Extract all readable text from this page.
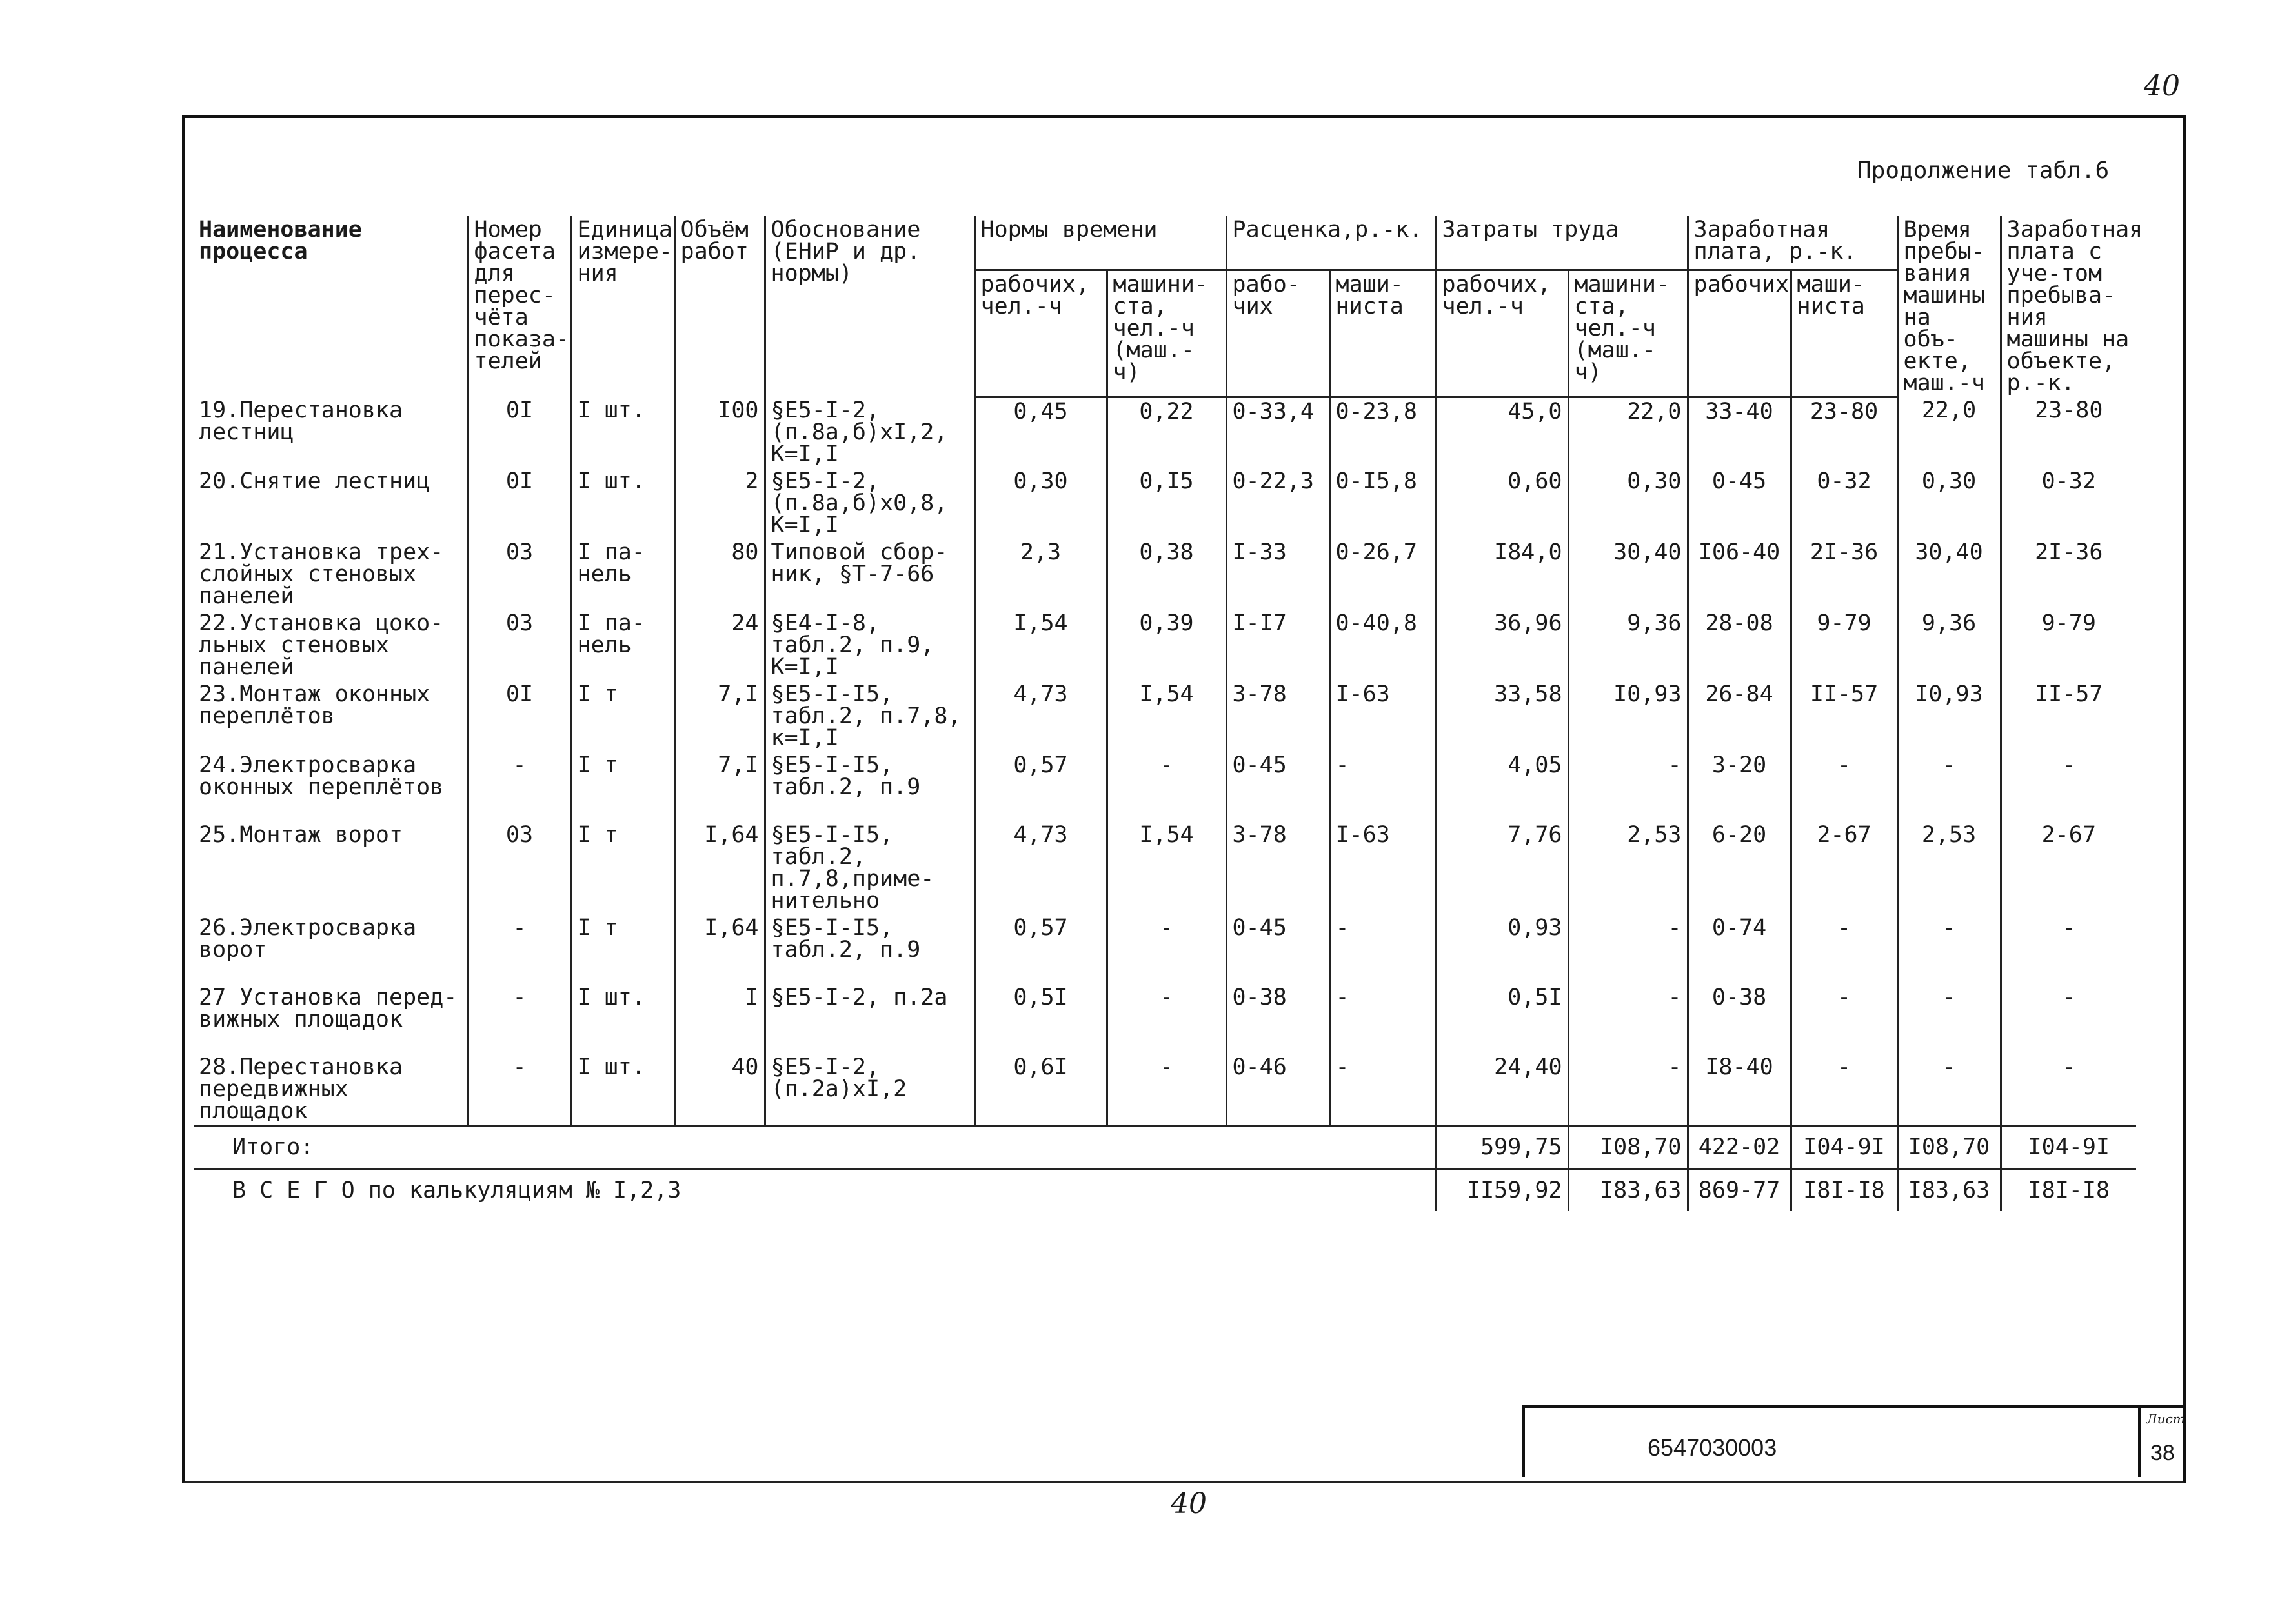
40
Продолжение табл.6
Наименование процесса	Номер фасета для перес-чёта показа-телей	Единица измере-ния	Объём работ	Обоснование (ЕНиР и др. нормы)	Нормы времени		Расценка,р.-к.		Затраты труда		Заработная плата, р.-к.		Время пребы-вания машины на объ-екте, маш.-ч	Заработная плата с уче-том пребыва-ния машины на объекте, р.-к.
					рабочих, чел.-ч	машини-ста, чел.-ч (маш.-ч)	рабо-чих	маши-ниста	рабочих, чел.-ч	машини-ста, чел.-ч (маш.-ч)	рабочих	маши-ниста		
19.Перестановка лестниц	0I	I шт.	I00	§Е5-I-2, (п.8а,б)хI,2, К=I,I	0,45	0,22	0-33,4	0-23,8	45,0	22,0	33-40	23-80	22,0	23-80
20.Снятие лестниц	0I	I шт.	2	§Е5-I-2, (п.8а,б)х0,8, К=I,I	0,30	0,I5	0-22,3	0-I5,8	0,60	0,30	0-45	0-32	0,30	0-32
21.Установка трех-слойных стеновых панелей	03	I па-нель	80	Типовой сбор-ник, §Т-7-66	2,3	0,38	I-33	0-26,7	I84,0	30,40	I06-40	2I-36	30,40	2I-36
22.Установка цоко-льных стеновых панелей	03	I па-нель	24	§Е4-I-8, табл.2, п.9, К=I,I	I,54	0,39	I-I7	0-40,8	36,96	9,36	28-08	9-79	9,36	9-79
23.Монтаж оконных переплётов	0I	I т	7,I	§Е5-I-I5, табл.2, п.7,8, к=I,I	4,73	I,54	3-78	I-63	33,58	I0,93	26-84	II-57	I0,93	II-57
24.Электросварка оконных переплётов	-	I т	7,I	§Е5-I-I5, табл.2, п.9	0,57	-	0-45	-	4,05	-	3-20	-	-	-
25.Монтаж ворот	03	I т	I,64	§Е5-I-I5, табл.2, п.7,8,приме-нительно	4,73	I,54	3-78	I-63	7,76	2,53	6-20	2-67	2,53	2-67
26.Электросварка ворот	-	I т	I,64	§Е5-I-I5, табл.2, п.9	0,57	-	0-45	-	0,93	-	0-74	-	-	-
27 Установка перед-вижных площадок	-	I шт.	I	§Е5-I-2, п.2а	0,5I	-	0-38	-	0,5I	-	0-38	-	-	-
28.Перестановка передвижных площадок	-	I шт.	40	§Е5-I-2, (п.2а)хI,2	0,6I	-	0-46	-	24,40	-	I8-40	-	-	-
Итого:									599,75	I08,70	422-02	I04-9I	I08,70	I04-9I
В С Е Г О по калькуляциям № I,2,3									II59,92	I83,63	869-77	I8I-I8	I83,63	I8I-I8
6547030003
Лист
38
40
